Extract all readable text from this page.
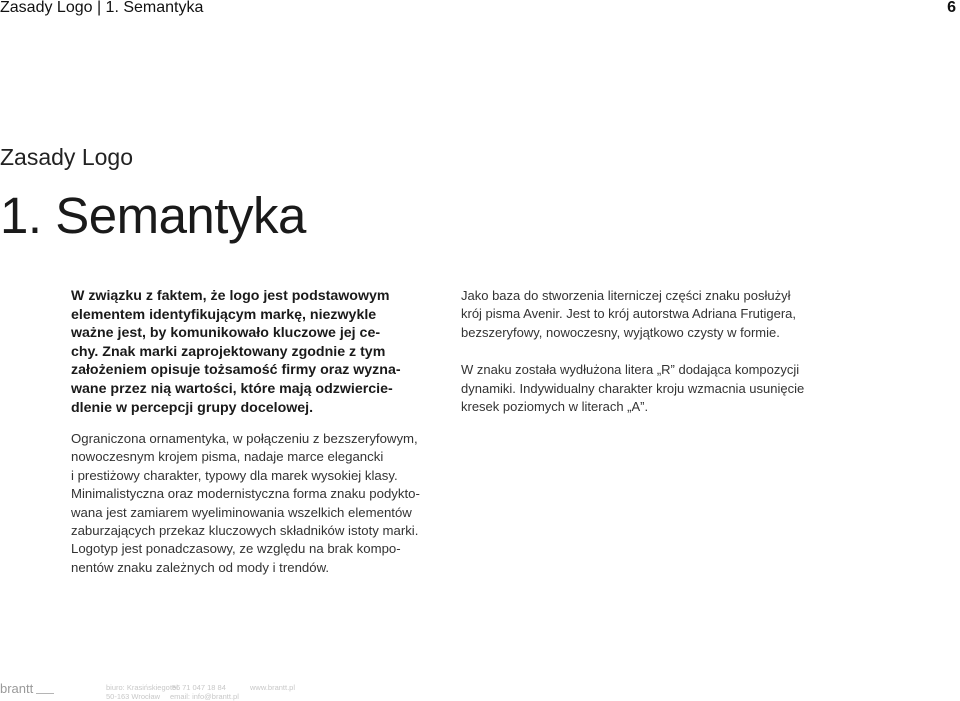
Zasady Logo | 1. Semantyka	6
Zasady Logo
1. Semantyka

W związku z faktem, że logo jest podstawowym
elementem identyfikującym markę, niezwykle
ważne jest, by komunikowało kluczowe jej ce-
chy. Znak marki zaprojektowany zgodnie z tym
założeniem opisuje tożsamość firmy oraz wyzna-
wane przez nią wartości, które mają odzwiercie-
dlenie w percepcji grupy docelowej.

Jako baza do stworzenia literniczej części znaku posłużył
krój pisma Avenir. Jest to krój autorstwa Adriana Frutigera,
bezszeryfowy, nowoczesny, wyjątkowo czysty w formie.
W znaku została wydłużona litera „R” dodająca kompozycji
dynamiki. Indywidualny charakter kroju wzmacnia usunięcie
kresek poziomych w literach „A”.

Ograniczona ornamentyka, w połączeniu z bezszeryfowym,
nowoczesnym krojem pisma, nadaje marce elegancki
i prestiżowy charakter, typowy dla marek wysokiej klasy.
Minimalistyczna oraz modernistyczna forma znaku podykto-
wana jest zamiarem wyeliminowania wszelkich elementów
zaburzających przekaz kluczowych składników istoty marki.
Logotyp jest ponadczasowy, ze względu na brak kompo-
nentów znaku zależnych od mody i trendów.

brantt	biuro: Krasińskiego 56
50-163 Wrocław
tel. 71 047 18 84
email: info@brantt.pl
www.brantt.pl
